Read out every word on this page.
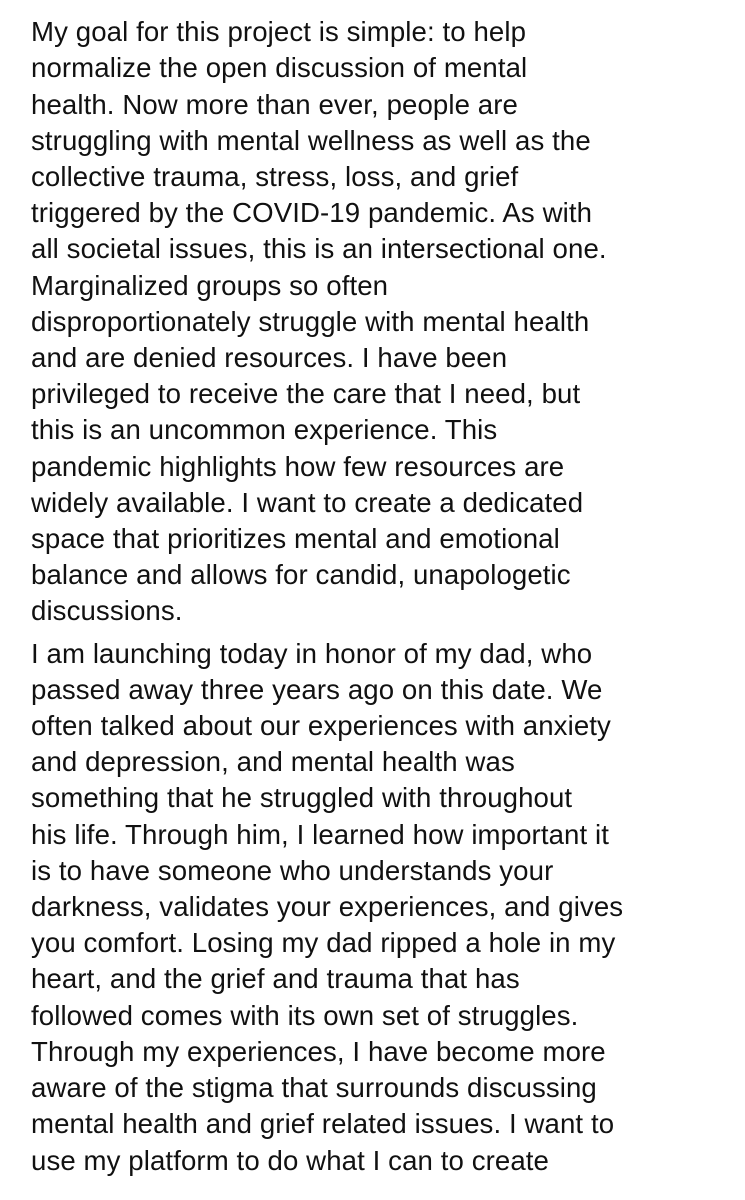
My goal for this project is simple: to help
normalize the open discussion of mental
health. Now more than ever, people are
struggling with mental wellness as well as the
collective trauma, stress, loss, and grief
triggered by the COVID-19 pandemic. As with
all societal issues, this is an intersectional one.
Marginalized groups so often
disproportionately struggle with mental health
and are denied resources. I have been
privileged to receive the care that I need, but
this is an uncommon experience. This
pandemic highlights how few resources are
widely available. I want to create a dedicated
space that prioritizes mental and emotional
balance and allows for candid, unapologetic
discussions.

I am launching today in honor of my dad, who
passed away three years ago on this date. We
often talked about our experiences with anxiety
and depression, and mental health was
something that he struggled with throughout
his life. Through him, I learned how important it
is to have someone who understands your
darkness, validates your experiences, and gives
you comfort. Losing my dad ripped a hole in my
heart, and the grief and trauma that has
followed comes with its own set of struggles.
Through my experiences, I have become more
aware of the stigma that surrounds discussing
mental health and grief related issues. I want to
use my platform to do what I can to create
